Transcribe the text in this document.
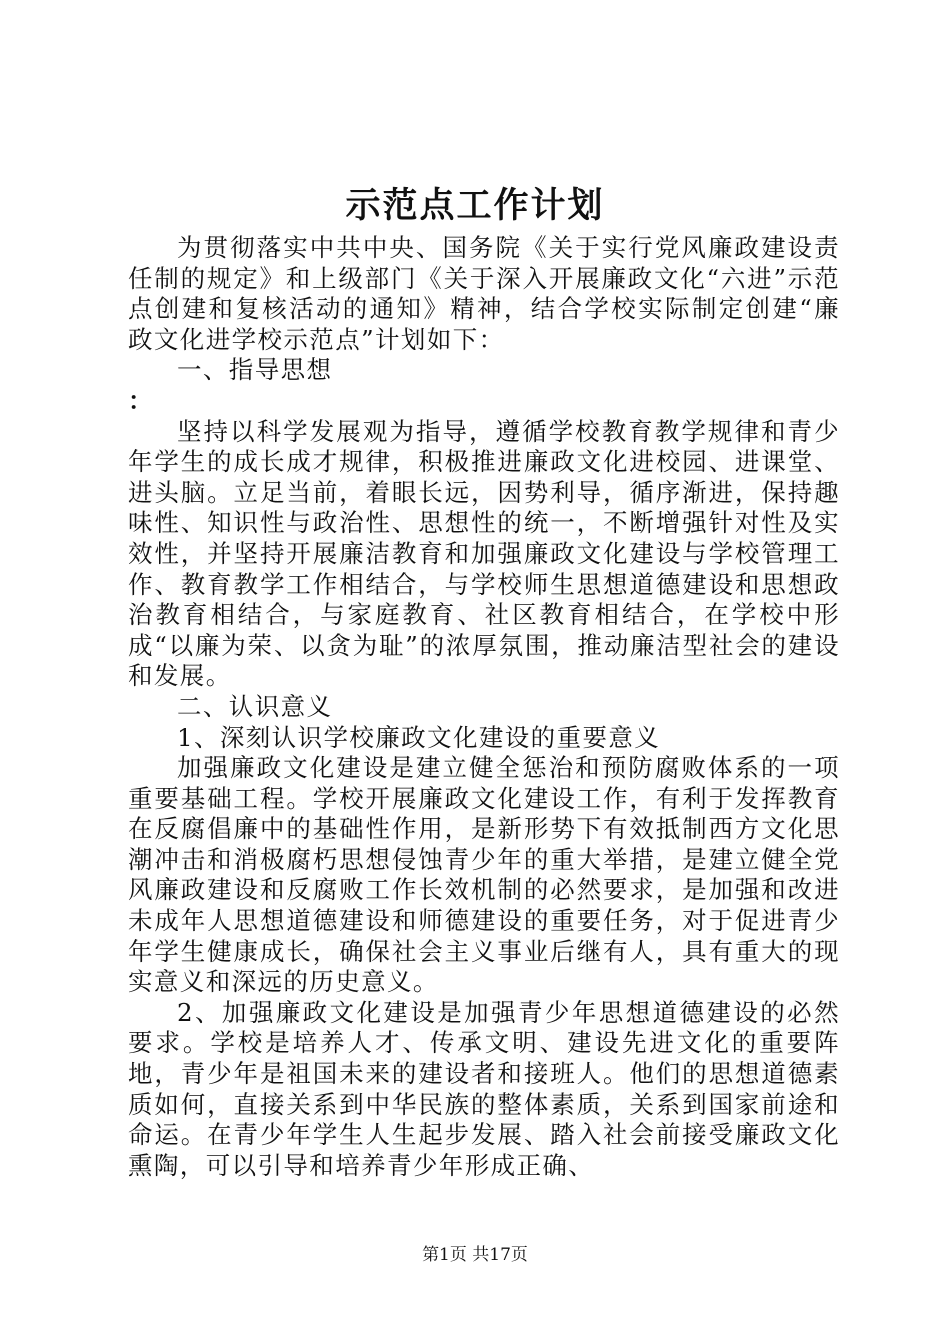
示范点工作计划

为贯彻落实中共中央、国务院《关于实行党风廉政建设责任制的规定》和上级部门《关于深入开展廉政文化“六进”示范点创建和复核活动的通知》精神，结合学校实际制定创建“廉政文化进学校示范点”计划如下：

一、指导思想

：

坚持以科学发展观为指导，遵循学校教育教学规律和青少年学生的成长成才规律，积极推进廉政文化进校园、进课堂、进头脑。立足当前，着眼长远，因势利导，循序渐进，保持趣味性、知识性与政治性、思想性的统一，不断增强针对性及实效性，并坚持开展廉洁教育和加强廉政文化建设与学校管理工作、教育教学工作相结合，与学校师生思想道德建设和思想政治教育相结合，与家庭教育、社区教育相结合，在学校中形成“以廉为荣、以贪为耻”的浓厚氛围，推动廉洁型社会的建设和发展。

二、认识意义

1、深刻认识学校廉政文化建设的重要意义

加强廉政文化建设是建立健全惩治和预防腐败体系的一项重要基础工程。学校开展廉政文化建设工作，有利于发挥教育在反腐倡廉中的基础性作用，是新形势下有效抵制西方文化思潮冲击和消极腐朽思想侵蚀青少年的重大举措，是建立健全党风廉政建设和反腐败工作长效机制的必然要求，是加强和改进未成年人思想道德建设和师德建设的重要任务，对于促进青少年学生健康成长，确保社会主义事业后继有人，具有重大的现实意义和深远的历史意义。

2、加强廉政文化建设是加强青少年思想道德建设的必然要求。学校是培养人才、传承文明、建设先进文化的重要阵地，青少年是祖国未来的建设者和接班人。他们的思想道德素质如何，直接关系到中华民族的整体素质，关系到国家前途和命运。在青少年学生人生起步发展、踏入社会前接受廉政文化熏陶，可以引导和培养青少年形成正确、

第1页 共17页
